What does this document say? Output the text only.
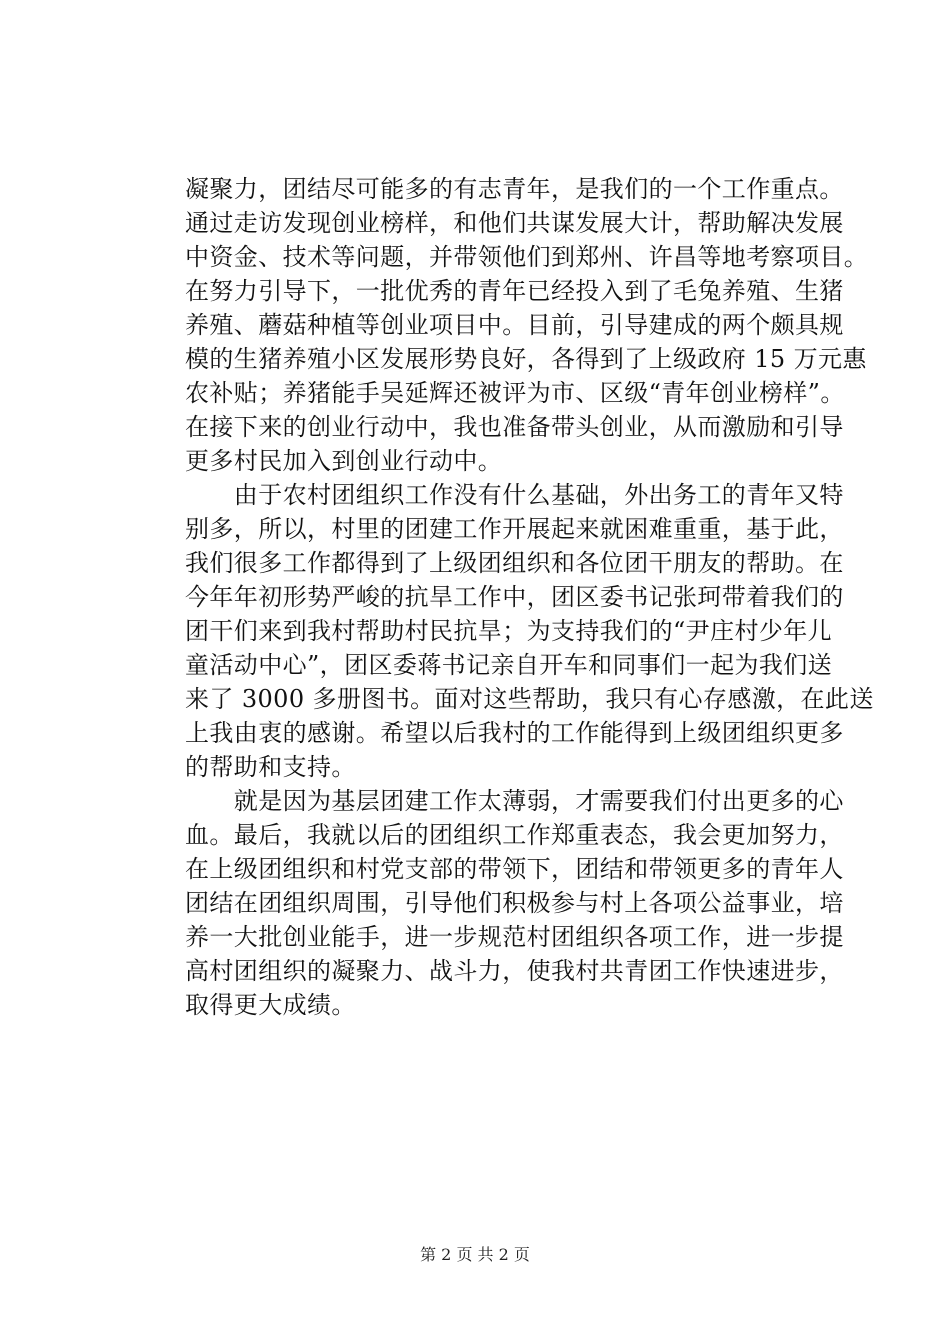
凝聚力，团结尽可能多的有志青年，是我们的一个工作重点。
通过走访发现创业榜样，和他们共谋发展大计，帮助解决发展
中资金、技术等问题，并带领他们到郑州、许昌等地考察项目。
在努力引导下，一批优秀的青年已经投入到了毛兔养殖、生猪
养殖、蘑菇种植等创业项目中。目前，引导建成的两个颇具规
模的生猪养殖小区发展形势良好，各得到了上级政府 15 万元惠
农补贴；养猪能手吴延辉还被评为市、区级“青年创业榜样”。
在接下来的创业行动中，我也准备带头创业，从而激励和引导
更多村民加入到创业行动中。

　　由于农村团组织工作没有什么基础，外出务工的青年又特
别多，所以，村里的团建工作开展起来就困难重重，基于此，
我们很多工作都得到了上级团组织和各位团干朋友的帮助。在
今年年初形势严峻的抗旱工作中，团区委书记张珂带着我们的
团干们来到我村帮助村民抗旱；为支持我们的“尹庄村少年儿
童活动中心”，团区委蒋书记亲自开车和同事们一起为我们送
来了 3000 多册图书。面对这些帮助，我只有心存感激，在此送
上我由衷的感谢。希望以后我村的工作能得到上级团组织更多
的帮助和支持。

　　就是因为基层团建工作太薄弱，才需要我们付出更多的心
血。最后，我就以后的团组织工作郑重表态，我会更加努力，
在上级团组织和村党支部的带领下，团结和带领更多的青年人
团结在团组织周围，引导他们积极参与村上各项公益事业，培
养一大批创业能手，进一步规范村团组织各项工作，进一步提
高村团组织的凝聚力、战斗力，使我村共青团工作快速进步，
取得更大成绩。

第 2 页 共 2 页
